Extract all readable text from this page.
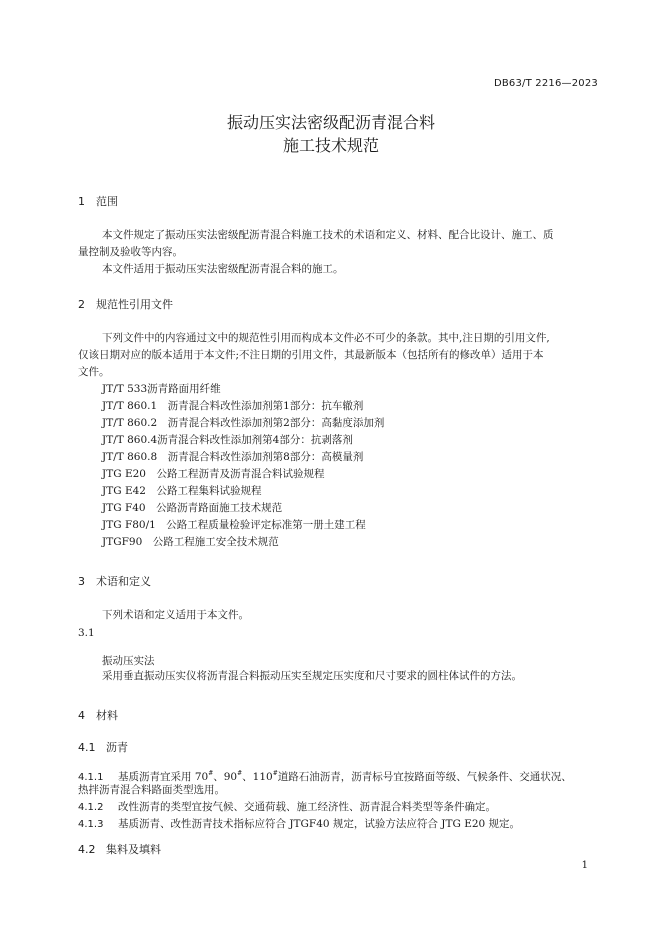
DB63/T 2216—2023
振动压实法密级配沥青混合料
施工技术规范
1 范围
本文件规定了振动压实法密级配沥青混合料施工技术的术语和定义、材料、配合比设计、施工、质
量控制及验收等内容。
本文件适用于振动压实法密级配沥青混合料的施工。
2 规范性引用文件
下列文件中的内容通过文中的规范性引用而构成本文件必不可少的条款。其中,注日期的引用文件,
仅该日期对应的版本适用于本文件;不注日期的引用文件，其最新版本（包括所有的修改单）适用于本
文件。
JT/T 533沥青路面用纤维
JT/T 860.1　沥青混合料改性添加剂第1部分：抗车辙剂
JT/T 860.2　沥青混合料改性添加剂第2部分：高黏度添加剂
JT/T 860.4沥青混合料改性添加剂第4部分：抗剥落剂
JT/T 860.8　沥青混合料改性添加剂第8部分：高模量剂
JTG E20　公路工程沥青及沥青混合料试验规程
JTG E42　公路工程集料试验规程
JTG F40　公路沥青路面施工技术规范
JTG F80/1　公路工程质量检验评定标准第一册土建工程
JTGF90　公路工程施工安全技术规范
3 术语和定义
下列术语和定义适用于本文件。
3.1
振动压实法
采用垂直振动压实仪将沥青混合料振动压实至规定压实度和尺寸要求的圆柱体试件的方法。
4 材料
4.1 沥青
4.1.1 基质沥青宜采用 70#、90#、110#道路石油沥青，沥青标号宜按路面等级、气候条件、交通状况、
热拌沥青混合料路面类型选用。
4.1.2 改性沥青的类型宜按气候、交通荷载、施工经济性、沥青混合料类型等条件确定。
4.1.3 基质沥青、改性沥青技术指标应符合 JTGF40 规定，试验方法应符合 JTG E20 规定。
4.2 集料及填料
1
